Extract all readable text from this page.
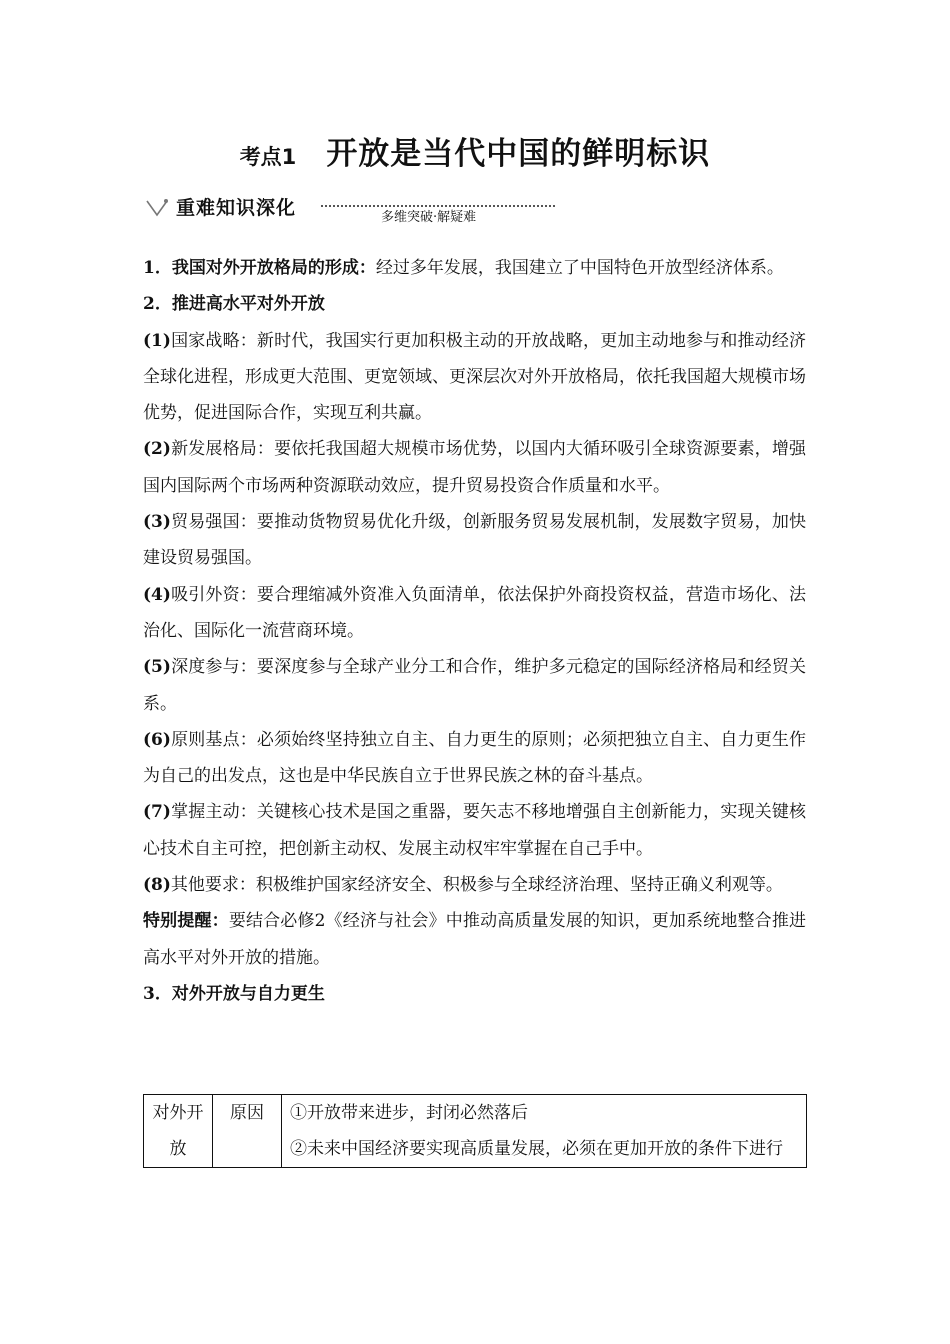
考点1 开放是当代中国的鲜明标识
重难知识深化	多维突破·解疑难

1．我国对外开放格局的形成：经过多年发展，我国建立了中国特色开放型经济体系。

2．推进高水平对外开放

(1)国家战略：新时代，我国实行更加积极主动的开放战略，更加主动地参与和推动经济全球化进程，形成更大范围、更宽领域、更深层次对外开放格局，依托我国超大规模市场优势，促进国际合作，实现互利共赢。

(2)新发展格局：要依托我国超大规模市场优势，以国内大循环吸引全球资源要素，增强国内国际两个市场两种资源联动效应，提升贸易投资合作质量和水平。

(3)贸易强国：要推动货物贸易优化升级，创新服务贸易发展机制，发展数字贸易，加快建设贸易强国。

(4)吸引外资：要合理缩减外资准入负面清单，依法保护外商投资权益，营造市场化、法治化、国际化一流营商环境。

(5)深度参与：要深度参与全球产业分工和合作，维护多元稳定的国际经济格局和经贸关系。

(6)原则基点：必须始终坚持独立自主、自力更生的原则；必须把独立自主、自力更生作为自己的出发点，这也是中华民族自立于世界民族之林的奋斗基点。

(7)掌握主动：关键核心技术是国之重器，要矢志不移地增强自主创新能力，实现关键核心技术自主可控，把创新主动权、发展主动权牢牢掌握在自己手中。

(8)其他要求：积极维护国家经济安全、积极参与全球经济治理、坚持正确义利观等。

特别提醒：要结合必修2《经济与社会》中推动高质量发展的知识，更加系统地整合推进高水平对外开放的措施。

3．对外开放与自力更生

对外开放	原因	①开放带来进步，封闭必然落后
②未来中国经济要实现高质量发展，必须在更加开放的条件下进行
